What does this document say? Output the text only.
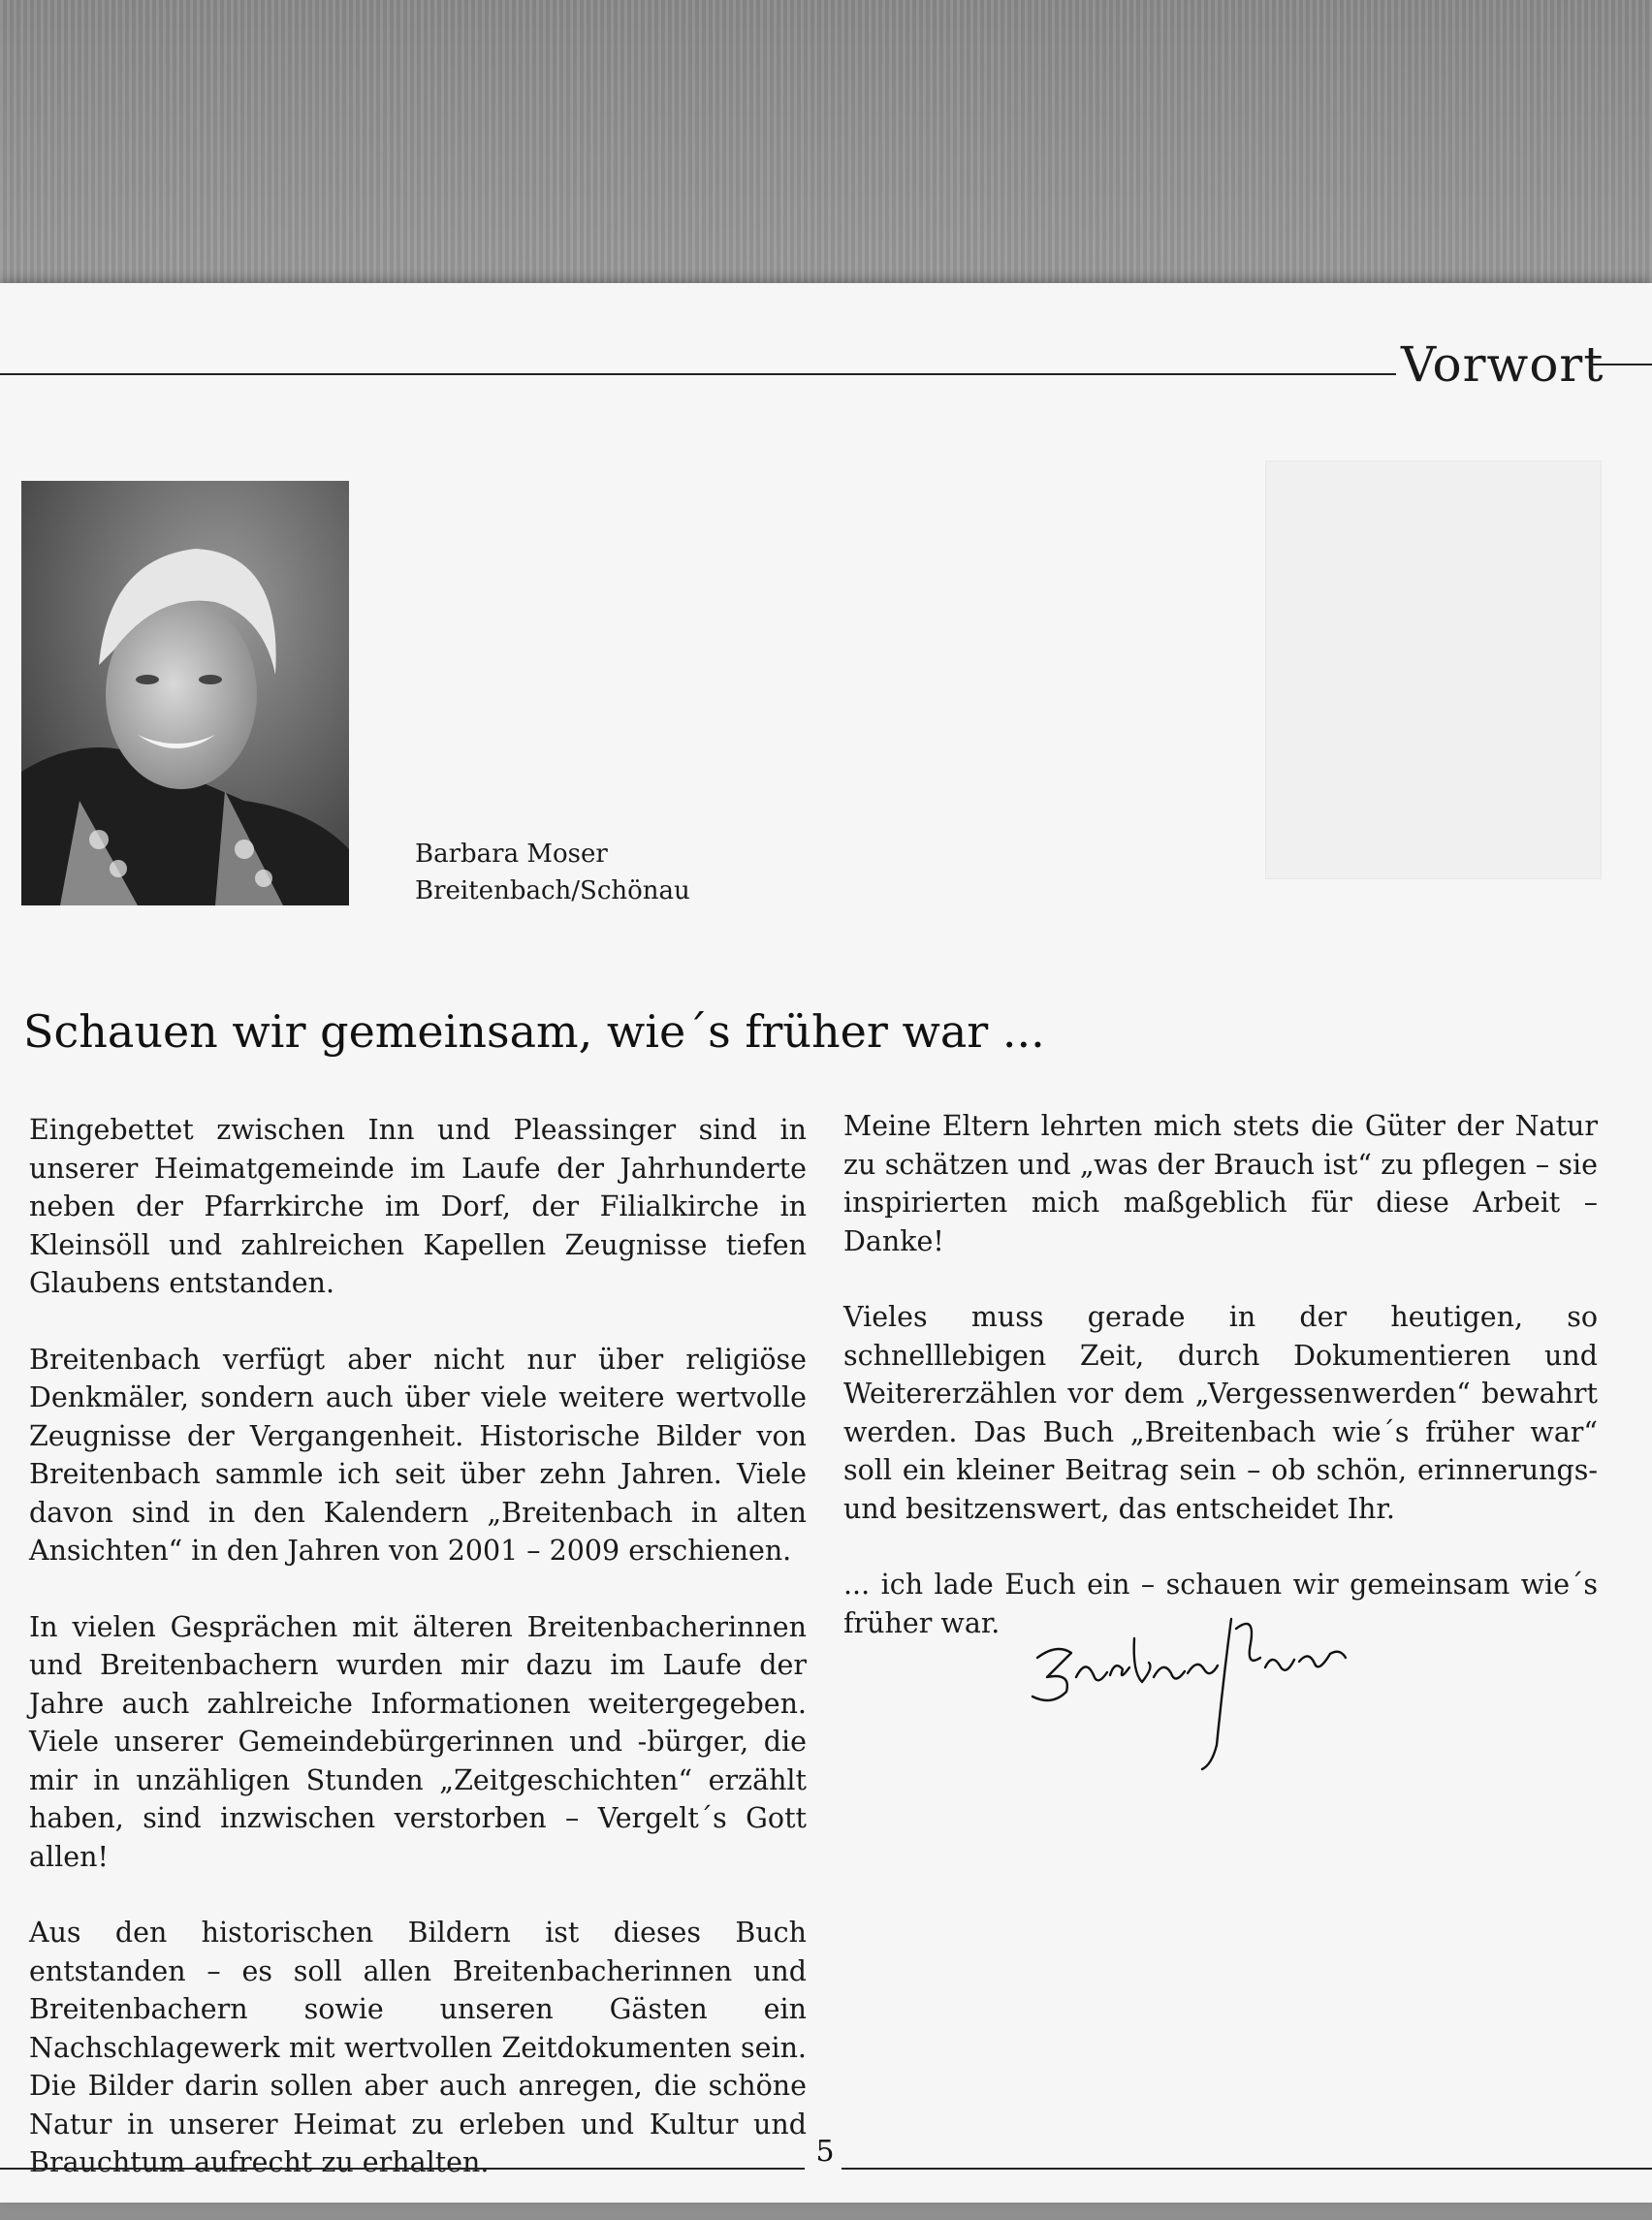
Vorwort
Barbara Moser
Breitenbach/Schönau
Schauen wir gemeinsam, wie´s früher war ...

Eingebettet zwischen Inn und Pleassinger sind in unserer Heimatgemeinde im Laufe der Jahrhunderte neben der Pfarrkirche im Dorf, der Filialkirche in Kleinsöll und zahlreichen Kapellen Zeugnisse tiefen Glaubens entstanden.

Breitenbach verfügt aber nicht nur über religiöse Denkmäler, sondern auch über viele weitere wertvolle Zeugnisse der Vergangenheit. Historische Bilder von Breitenbach sammle ich seit über zehn Jahren. Viele davon sind in den Kalendern „Breitenbach in alten Ansichten“ in den Jahren von 2001 – 2009 erschienen.

In vielen Gesprächen mit älteren Breitenbacherinnen und Breitenbachern wurden mir dazu im Laufe der Jahre auch zahlreiche Informationen weitergegeben. Viele unserer Gemeindebürgerinnen und -bürger, die mir in unzähligen Stunden „Zeitgeschichten“ erzählt haben, sind inzwischen verstorben – Vergelt´s Gott allen!

Aus den historischen Bildern ist dieses Buch entstanden – es soll allen Breitenbacherinnen und Breitenbachern sowie unseren Gästen ein Nachschlagewerk mit wertvollen Zeitdokumenten sein. Die Bilder darin sollen aber auch anregen, die schöne Natur in unserer Heimat zu erleben und Kultur und Brauchtum aufrecht zu erhalten.

Meine Eltern lehrten mich stets die Güter der Natur zu schätzen und „was der Brauch ist“ zu pflegen – sie inspirierten mich maßgeblich für diese Arbeit – Danke!

Vieles muss gerade in der heutigen, so schnelllebigen Zeit, durch Dokumentieren und Weitererzählen vor dem „Vergessenwerden“ bewahrt werden. Das Buch „Breitenbach wie´s früher war“ soll ein kleiner Beitrag sein – ob schön, erinnerungs- und besitzenswert, das entscheidet Ihr.

... ich lade Euch ein – schauen wir gemeinsam wie´s früher war.

5
